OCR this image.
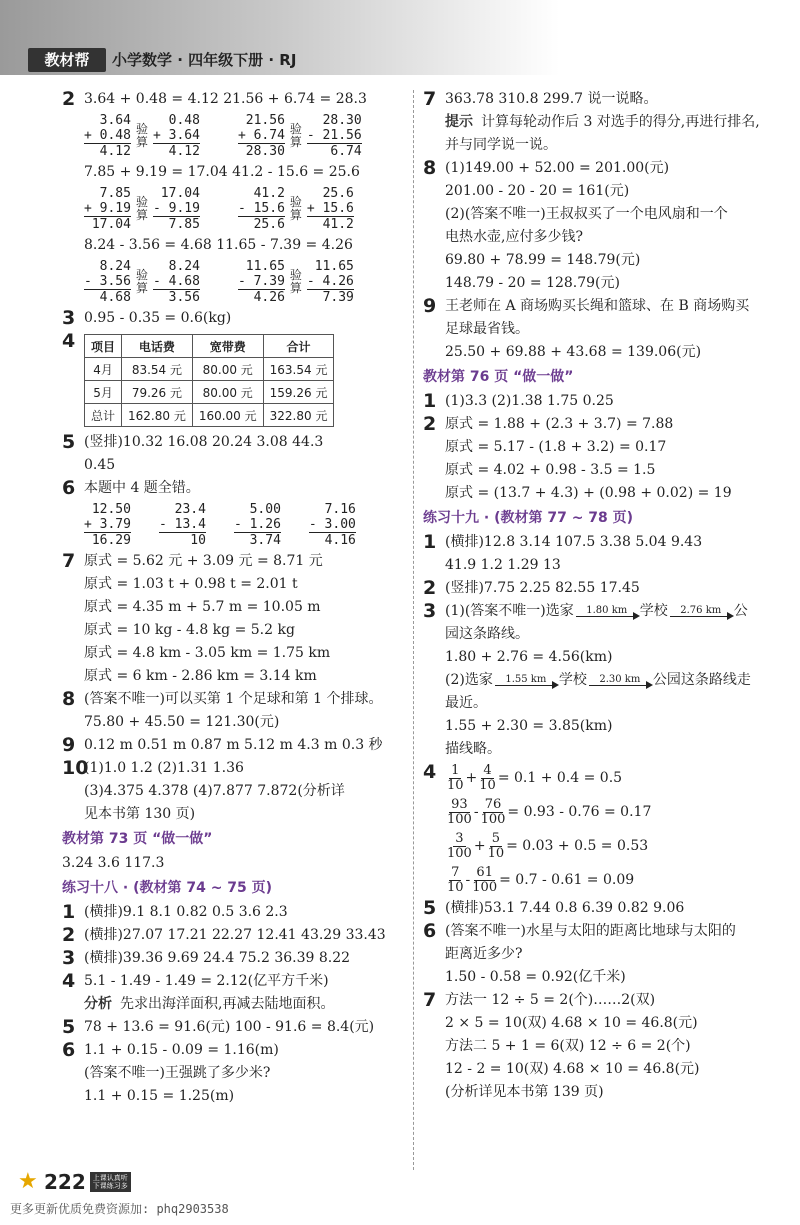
教材帮	小学数学 · 四年级下册 · RJ
2 3.64 + 0.48 = 4.12 21.56 + 6.74 = 28.3
3.64
+ 0.48
4.12
验算
0.48
+ 3.64
4.12
21.56
+ 6.74
28.30
验算
28.30
- 21.56
6.74
7.85 + 9.19 = 17.04 41.2 - 15.6 = 25.6
7.85
+ 9.19
17.04
验算
17.04
- 9.19
7.85
41.2
- 15.6
25.6
验算
25.6
+ 15.6
41.2
8.24 - 3.56 = 4.68 11.65 - 7.39 = 4.26
8.24
- 3.56
4.68
验算
8.24
- 4.68
3.56
11.65
- 7.39
4.26
验算
11.65
- 4.26
7.39
3 0.95 - 0.35 = 0.6(kg)
4 项目	电话费	宽带费	合计
4月	83.54 元	80.00 元	163.54 元
5月	79.26 元	80.00 元	159.26 元
总计	162.80 元	160.00 元	322.80 元
5 (竖排)10.32 16.08 20.24 3.08 44.3
0.45
6 本题中 4 题全错。
12.50
+ 3.79
16.29
23.4
- 13.4
10
5.00
- 1.26
3.74
7.16
- 3.00
4.16
7 原式 = 5.62 元 + 3.09 元 = 8.71 元
原式 = 1.03 t + 0.98 t = 2.01 t
原式 = 4.35 m + 5.7 m = 10.05 m
原式 = 10 kg - 4.8 kg = 5.2 kg
原式 = 4.8 km - 3.05 km = 1.75 km
原式 = 6 km - 2.86 km = 3.14 km
8 (答案不唯一)可以买第 1 个足球和第 1 个排球。
75.80 + 45.50 = 121.30(元)
9 0.12 m 0.51 m 0.87 m 5.12 m 4.3 m 0.3 秒
10
(1)1.0 1.2 (2)1.31 1.36
(3)4.375 4.378 (4)7.877 7.872(分析详
见本书第 130 页)
教材第 73 页 “做一做”
3.24 3.6 117.3
练习十八 · (教材第 74 ~ 75 页)
1 (横排)9.1 8.1 0.82 0.5 3.6 2.3
2 (横排)27.07 17.21 22.27 12.41 43.29 33.43
3 (横排)39.36 9.69 24.4 75.2 36.39 8.22
4 5.1 - 1.49 - 1.49 = 2.12(亿平方千米)
分析 先求出海洋面积,再减去陆地面积。
5 78 + 13.6 = 91.6(元) 100 - 91.6 = 8.4(元)
6 1.1 + 0.15 - 0.09 = 1.16(m)
(答案不唯一)王强跳了多少米?
1.1 + 0.15 = 1.25(m)
7 363.78 310.8 299.7 说一说略。
提示 计算每轮动作后 3 对选手的得分,再进行排名,并与同学说一说。
8 (1)149.00 + 52.00 = 201.00(元)
201.00 - 20 - 20 = 161(元)
(2)(答案不唯一)王叔叔买了一个电风扇和一个
电热水壶,应付多少钱?
69.80 + 78.99 = 148.79(元)
148.79 - 20 = 128.79(元)
9 王老师在 A 商场购买长绳和篮球、在 B 商场购买
足球最省钱。
25.50 + 69.88 + 43.68 = 139.06(元)
教材第 76 页 “做一做”
1 (1)3.3 (2)1.38 1.75 0.25
2 原式 = 1.88 + (2.3 + 3.7) = 7.88
原式 = 5.17 - (1.8 + 3.2) = 0.17
原式 = 4.02 + 0.98 - 3.5 = 1.5
原式 = (13.7 + 4.3) + (0.98 + 0.02) = 19
练习十九 · (教材第 77 ~ 78 页)
1 (横排)12.8 3.14 107.5 3.38 5.04 9.43
41.9 1.2 1.29 13
2 (竖排)7.75 2.25 82.55 17.45
3 (1)(答案不唯一)选家 1.80 km 学校 2.76 km 公
园这条路线。
1.80 + 2.76 = 4.56(km)
(2)选家 1.55 km 学校 2.30 km 公园这条路线走
最近。
1.55 + 2.30 = 3.85(km)
描线略。
$4 \frac{1}{10} + \frac{4}{10} = 0.1 + 0.4 = 0.5$
$\frac{93}{100} - \frac{76}{100} = 0.93 - 0.76 = 0.17$
$\frac{3}{100} + \frac{5}{10} = 0.03 + 0.5 = 0.53$
$\frac{7}{10} - \frac{61}{100} = 0.7 - 0.61 = 0.09$
5 (横排)53.1 7.44 0.8 6.39 0.82 9.06
6 (答案不唯一)水星与太阳的距离比地球与太阳的
距离近多少?
1.50 - 0.58 = 0.92(亿千米)
7 方法一 12 ÷ 5 = 2(个)……2(双)
2 × 5 = 10(双) 4.68 × 10 = 46.8(元)
方法二 5 + 1 = 6(双) 12 ÷ 6 = 2(个)
12 - 2 = 10(双) 4.68 × 10 = 46.8(元)
(分析详见本书第 139 页)
★ 222	上课认真听
下课练习多
更多更新优质免费资源加: phq2903538
